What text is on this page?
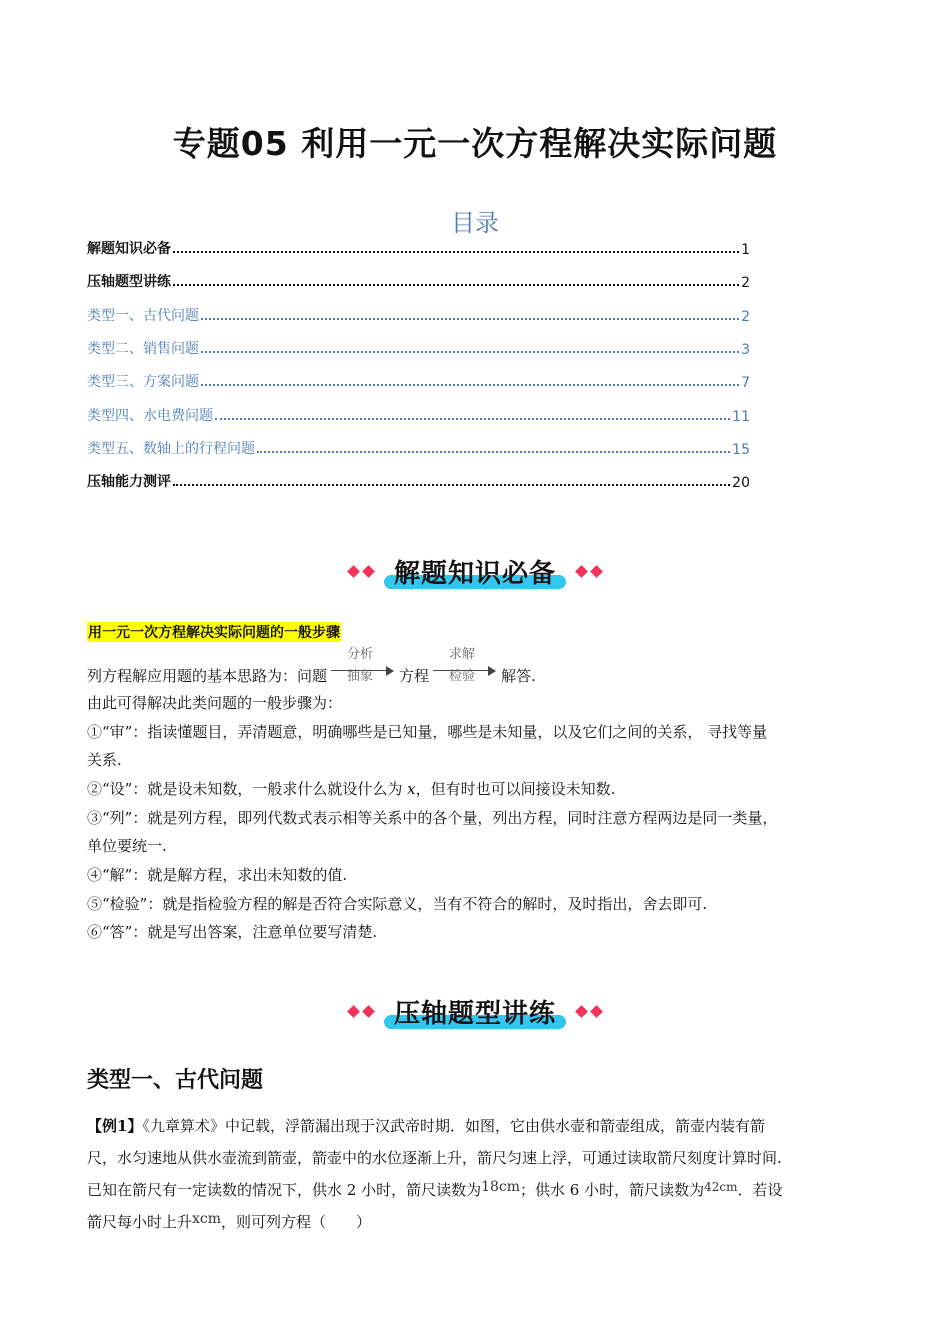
专题05 利用一元一次方程解决实际问题
目录
解题知识必备	1
压轴题型讲练	2
类型一、古代问题	2
类型二、销售问题	3
类型三、方案问题	7
类型四、水电费问题	11
类型五、数轴上的行程问题	15
压轴能力测评	20
解题知识必备
用一元一次方程解决实际问题的一般步骤
列方程解应用题的基本思路为：问题
分析
抽象	方程
求解
检验	解答.
由此可得解决此类问题的一般步骤为：
①“审”：指读懂题目，弄清题意，明确哪些是已知量，哪些是未知量，以及它们之间的关系， 寻找等量
关系.
②“设”：就是设未知数，一般求什么就设什么为 x，但有时也可以间接设未知数.
③“列”：就是列方程，即列代数式表示相等关系中的各个量，列出方程，同时注意方程两边是同一类量，
单位要统一.
④“解”：就是解方程，求出未知数的值.
⑤“检验”：就是指检验方程的解是否符合实际意义，当有不符合的解时，及时指出，舍去即可.
⑥“答”：就是写出答案，注意单位要写清楚.
压轴题型讲练
类型一、古代问题
【例1】《九章算术》中记载，浮箭漏出现于汉武帝时期．如图，它由供水壶和箭壶组成，箭壶内装有箭
尺，水匀速地从供水壶流到箭壶，箭壶中的水位逐渐上升，箭尺匀速上浮，可通过读取箭尺刻度计算时间.
已知在箭尺有一定读数的情况下，供水 2 小时，箭尺读数为18cm；供水 6 小时，箭尺读数为$^{42cm}$．若设
箭尺每小时上升xcm，则可列方程（　　）
